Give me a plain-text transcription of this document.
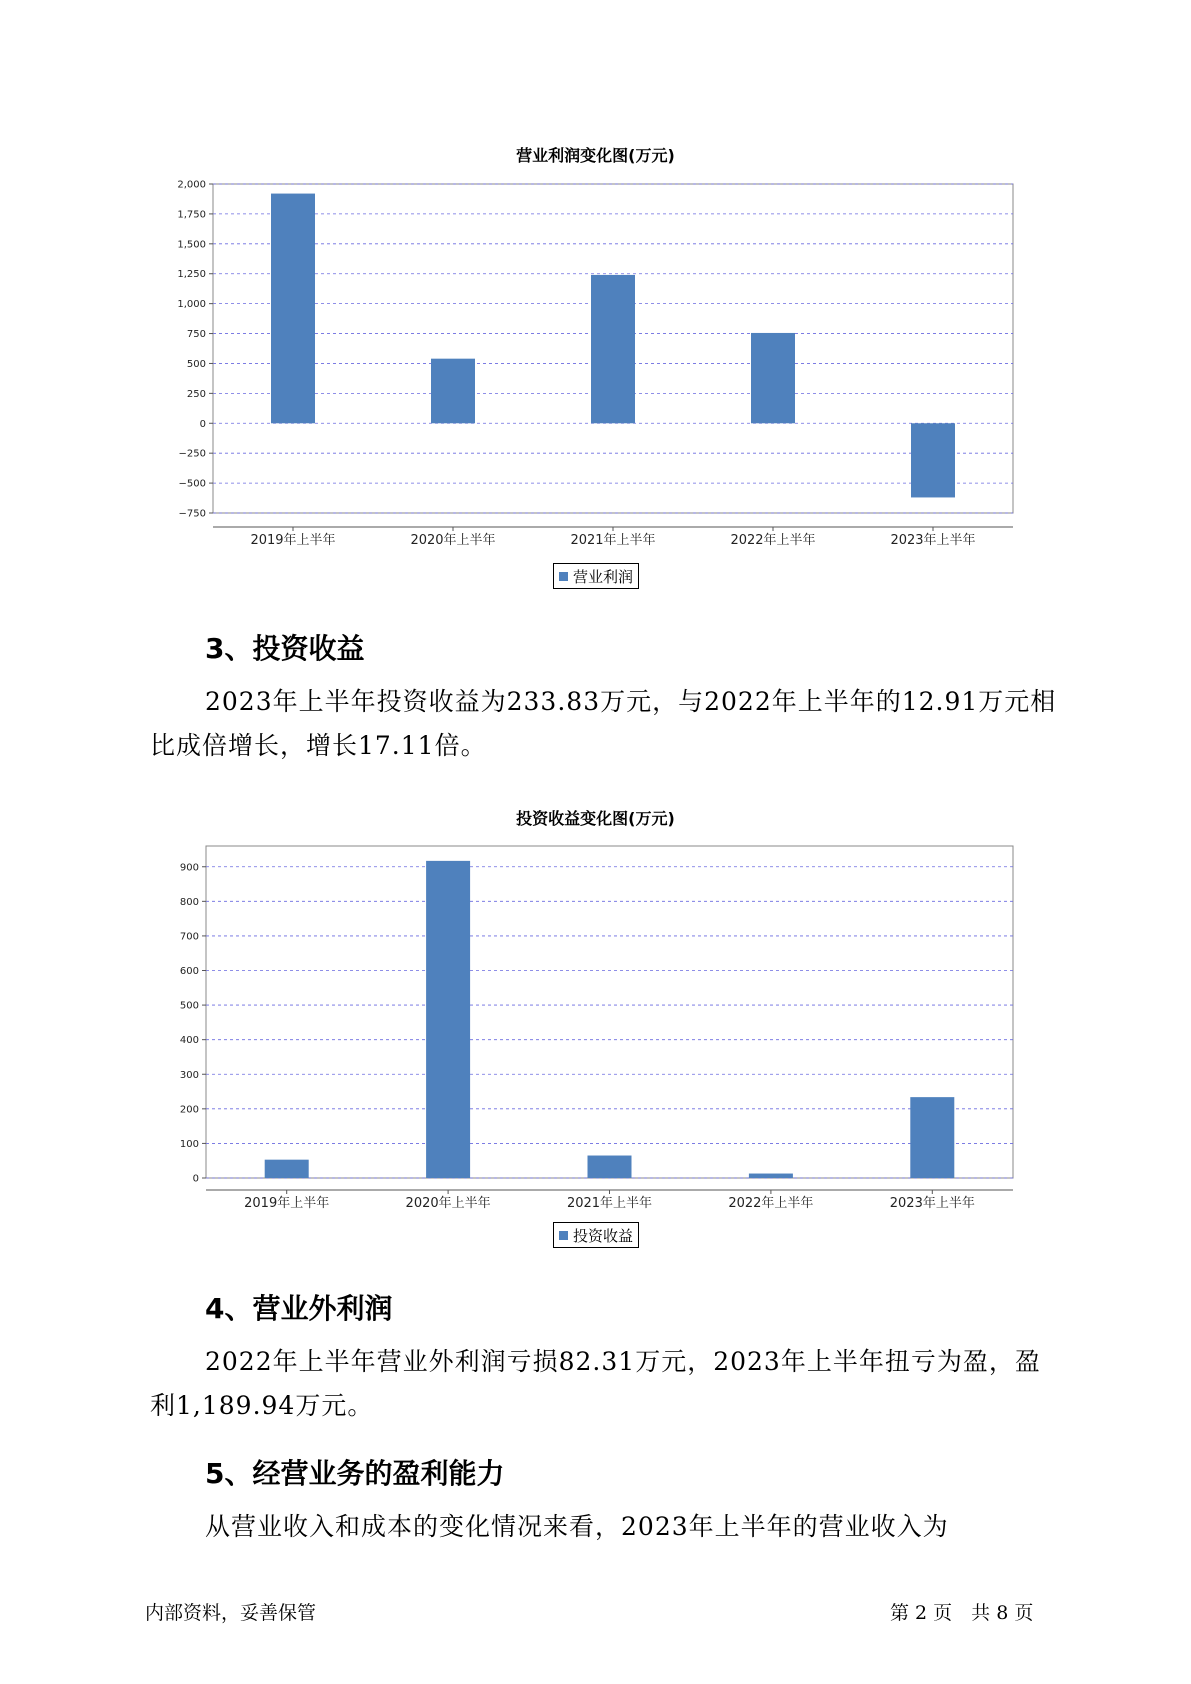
营业利润变化图(万元)
2,000
1,750
1,500
1,250
1,000
750
500
250
0
−250
−500
−750
2019年上半年	2020年上半年	2021年上半年	2022年上半年	2023年上半年
营业利润
3、投资收益
2023年上半年投资收益为233.83万元，与2022年上半年的12.91万元相
比成倍增长，增长17.11倍。
投资收益变化图(万元)
900
800
700
600
500
400
300
200
100
0
2019年上半年	2020年上半年	2021年上半年	2022年上半年	2023年上半年
投资收益
4、营业外利润
2022年上半年营业外利润亏损82.31万元，2023年上半年扭亏为盈，盈
利1,189.94万元。
5、经营业务的盈利能力
从营业收入和成本的变化情况来看，2023年上半年的营业收入为
内部资料，妥善保管	第 2 页　共 8 页
